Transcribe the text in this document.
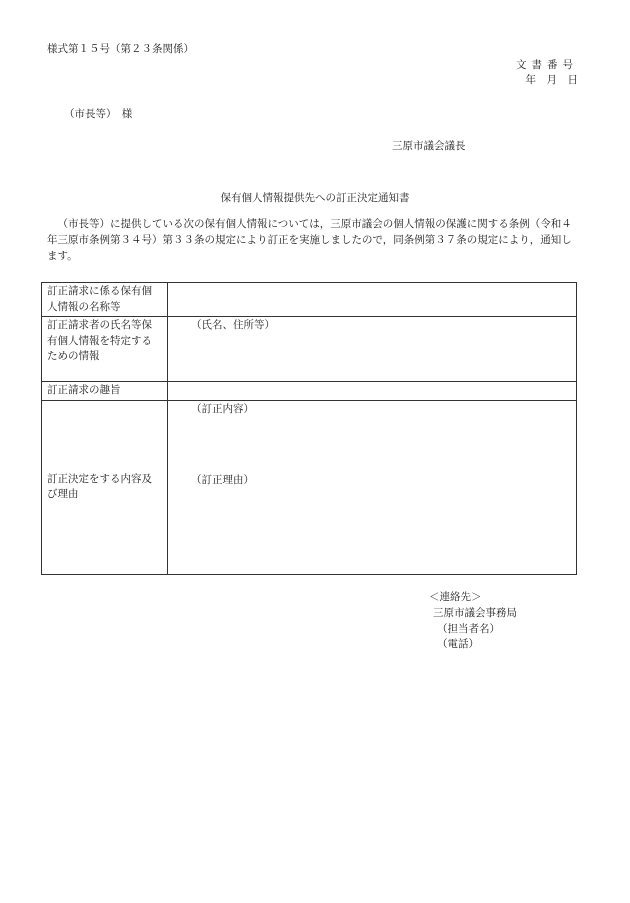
様式第１５号（第２３条関係）
文書番号
年　月　日
（市長等）　様
三原市議会議長
保有個人情報提供先への訂正決定通知書
（市長等）に提供している次の保有個人情報については，三原市議会の個人情報の保護に関する条例（令和４年三原市条例第３４号）第３３条の規定により訂正を実施しましたので，同条例第３７条の規定により，通知します。
訂正請求に係る保有個人情報の名称等	
訂正請求者の氏名等保有個人情報を特定するための情報	（氏名、住所等）

訂正請求の趣旨	
訂正決定をする内容及び理由	（訂正内容）
（訂正理由）
＜連絡先＞
三原市議会事務局
（担当者名）
（電話）
